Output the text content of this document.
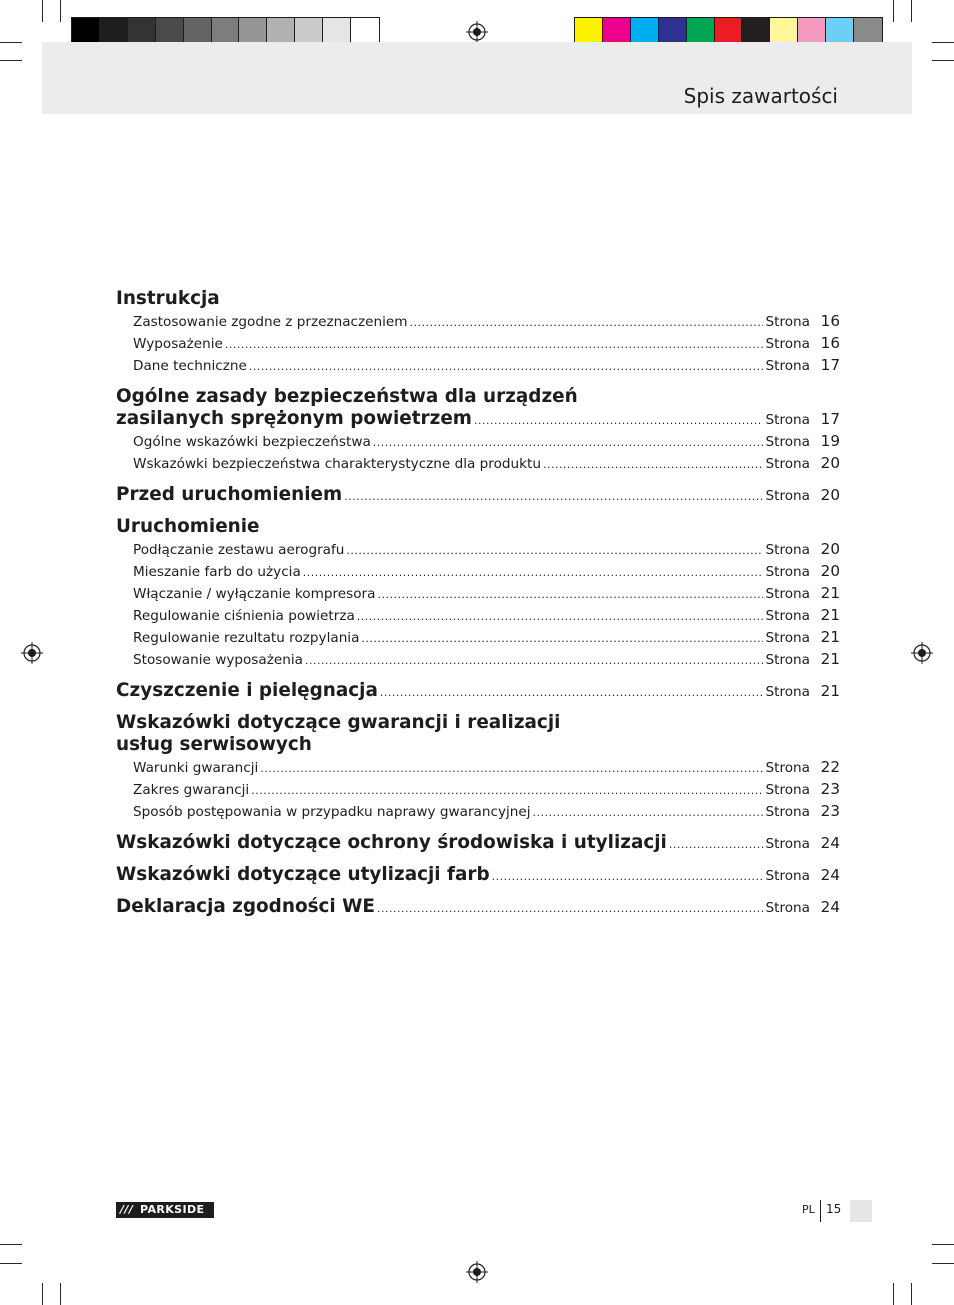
Spis zawartości
Instrukcja
Zastosowanie zgodne z przeznaczeniem .....	Strona 16
Wyposażenie .....	Strona 16
Dane techniczne .....	Strona 17
Ogólne zasady bezpieczeństwa dla urządzeń
zasilanych sprężonym powietrzem .....	Strona 17
Ogólne wskazówki bezpieczeństwa .....	Strona 19
Wskazówki bezpieczeństwa charakterystyczne dla produktu .....	Strona 20
Przed uruchomieniem .....	Strona 20
Uruchomienie
Podłączanie zestawu aerografu .....	Strona 20
Mieszanie farb do użycia .....	Strona 20
Włączanie / wyłączanie kompresora .....	Strona 21
Regulowanie ciśnienia powietrza .....	Strona 21
Regulowanie rezultatu rozpylania .....	Strona 21
Stosowanie wyposażenia .....	Strona 21
Czyszczenie i pielęgnacja .....	Strona 21
Wskazówki dotyczące gwarancji i realizacji
usług serwisowych
Warunki gwarancji .....	Strona 22
Zakres gwarancji .....	Strona 23
Sposób postępowania w przypadku naprawy gwarancyjnej .....	Strona 23
Wskazówki dotyczące ochrony środowiska i utylizacji .....	Strona 24
Wskazówki dotyczące utylizacji farb .....	Strona 24
Deklaracja zgodności WE .....	Strona 24
/// PARKSIDE	PL 15
